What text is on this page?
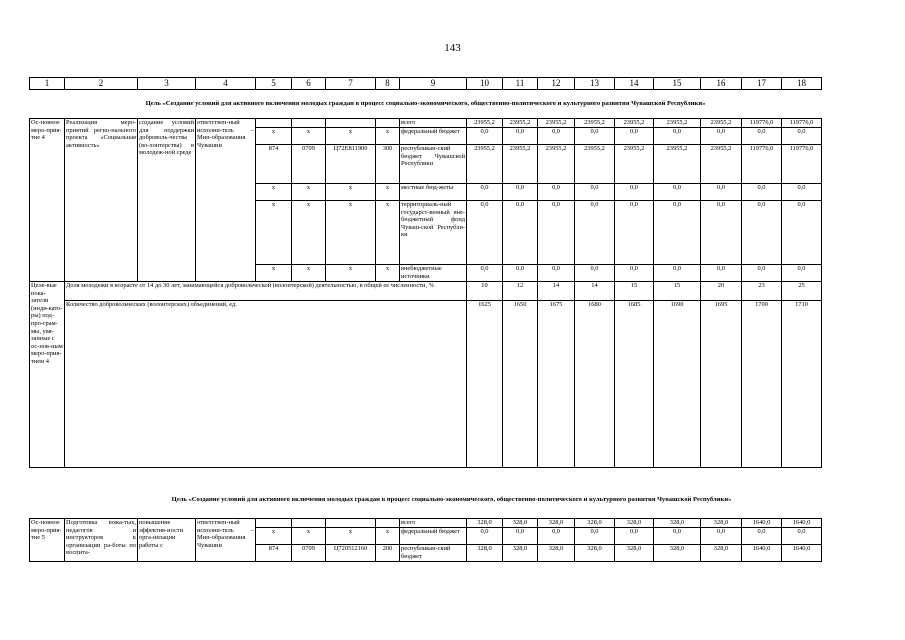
143
1	2	3	4	5	6	7	8	9	10	11	12	13	14	15	16	17	18
Цель «Создание условий для активного включения молодых граждан в процесс социально-экономического, общественно-политического и культурного развития Чувашской Республики»																	
Ос-новное меро-прия-тие 4	Реализация меро-приятий регио-нального проекта «Социальная активность»	создание условий для поддержки доброволь-чества (во-лонтерства) в молодеж-ной среде	ответствен-ный исполни-тель – Мин-образования Чувашии					всего	23955,2	23955,2	23955,2	23955,2	23955,2	23955,2	23955,2	119776,0	119776,0
				x	x	x	x	федеральный бюджет	0,0	0,0	0,0	0,0	0,0	0,0	0,0	0,0	0,0
				874	0709	Ц72Е811900	300	республикан-ский бюджет Чувашской Республики	23955,2	23955,2	23955,2	23955,2	23955,2	23955,2	23955,2	119776,0	119776,0
				x	x	x	x	местные бюд-жеты	0,0	0,0	0,0	0,0	0,0	0,0	0,0	0,0	0,0
				x	x	x	x	территориаль-ный государст-венный вне-бюджетный фонд Чуваш-ской Республи-ки	0,0	0,0	0,0	0,0	0,0	0,0	0,0	0,0	0,0
				x	x	x	x	внебюджетные источники	0,0	0,0	0,0	0,0	0,0	0,0	0,0	0,0	0,0
Целе-вые пока-затели (инди-като-ры) под-про-грам-мы, увя-занные с ос-нов-ным меро-прия-тием 4	Доля молодежи в возрасте от 14 до 30 лет, занимающейся добровольческой (волонтерской) деятельностью, в общей ее численности, %								10	12	14	14	15	15	20	23	25
	Количество добровольческих (волонтерских) объединений, ед.								1625	1650	1675	1680	1685	1690	1695	1700	1710
Ос-новное меро-прия-тие 5	Подготовка вожа-тых, педагогов и инструкторов к организации ра-боты по воспита-	повышение эффектив-ности орга-низации работы с	ответствен-ный исполни-тель – Мин-образования Чувашии					всего	328,0	328,0	328,0	328,0	328,0	328,0	328,0	1640,0	1640,0
				x	x	x	x	федеральный бюджет	0,0	0,0	0,0	0,0	0,0	0,0	0,0	0,0	0,0
				874	0709	Ц720512160	200	республикан-ский бюджет	328,0	328,0	328,0	328,0	328,0	328,0	328,0	1640,0	1640,0
Цель «Создание условий для активного включения молодых граждан в процесс социально-экономического, общественно-политического и культурного развития Чувашской Республики»
